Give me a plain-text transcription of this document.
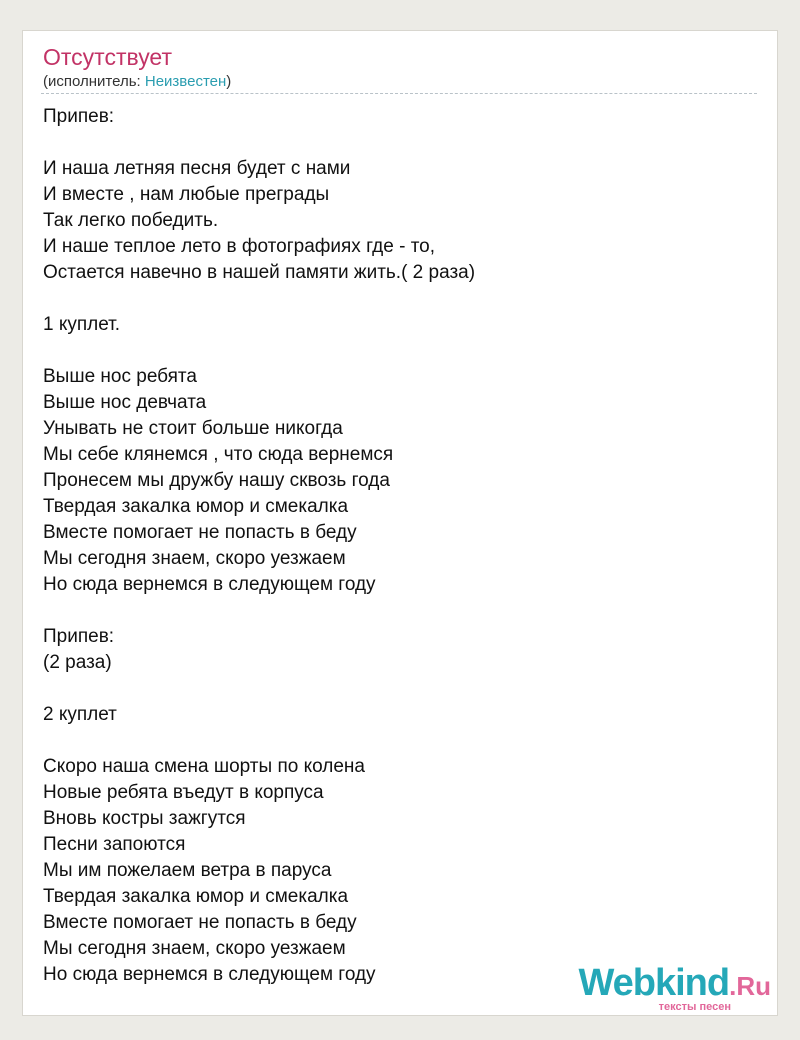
Отсутствует
(исполнитель: Неизвестен)
Припев:
И наша летняя песня будет с нами
И вместе , нам любые преграды
Так легко победить.
И наше теплое лето в фотографиях где - то,
Остается навечно в нашей памяти жить.( 2 раза)
1 куплет.
Выше нос ребята
Выше нос девчата
Унывать не стоит больше никогда
Мы себе клянемся , что сюда вернемся
Пронесем мы дружбу нашу сквозь года
Твердая закалка юмор и смекалка
Вместе помогает не попасть в беду
Мы сегодня знаем, скоро уезжаем
Но сюда вернемся в следующем году
Припев:
(2 раза)
2 куплет
Скоро наша смена шорты по колена
Новые ребята въедут в корпуса
Вновь костры зажгутся
Песни запоются
Мы им пожелаем ветра в паруса
Твердая закалка юмор и смекалка
Вместе помогает не попасть в беду
Мы сегодня знаем, скоро уезжаем
Но сюда вернемся в следующем году	Webkind.Ru
тексты песен
